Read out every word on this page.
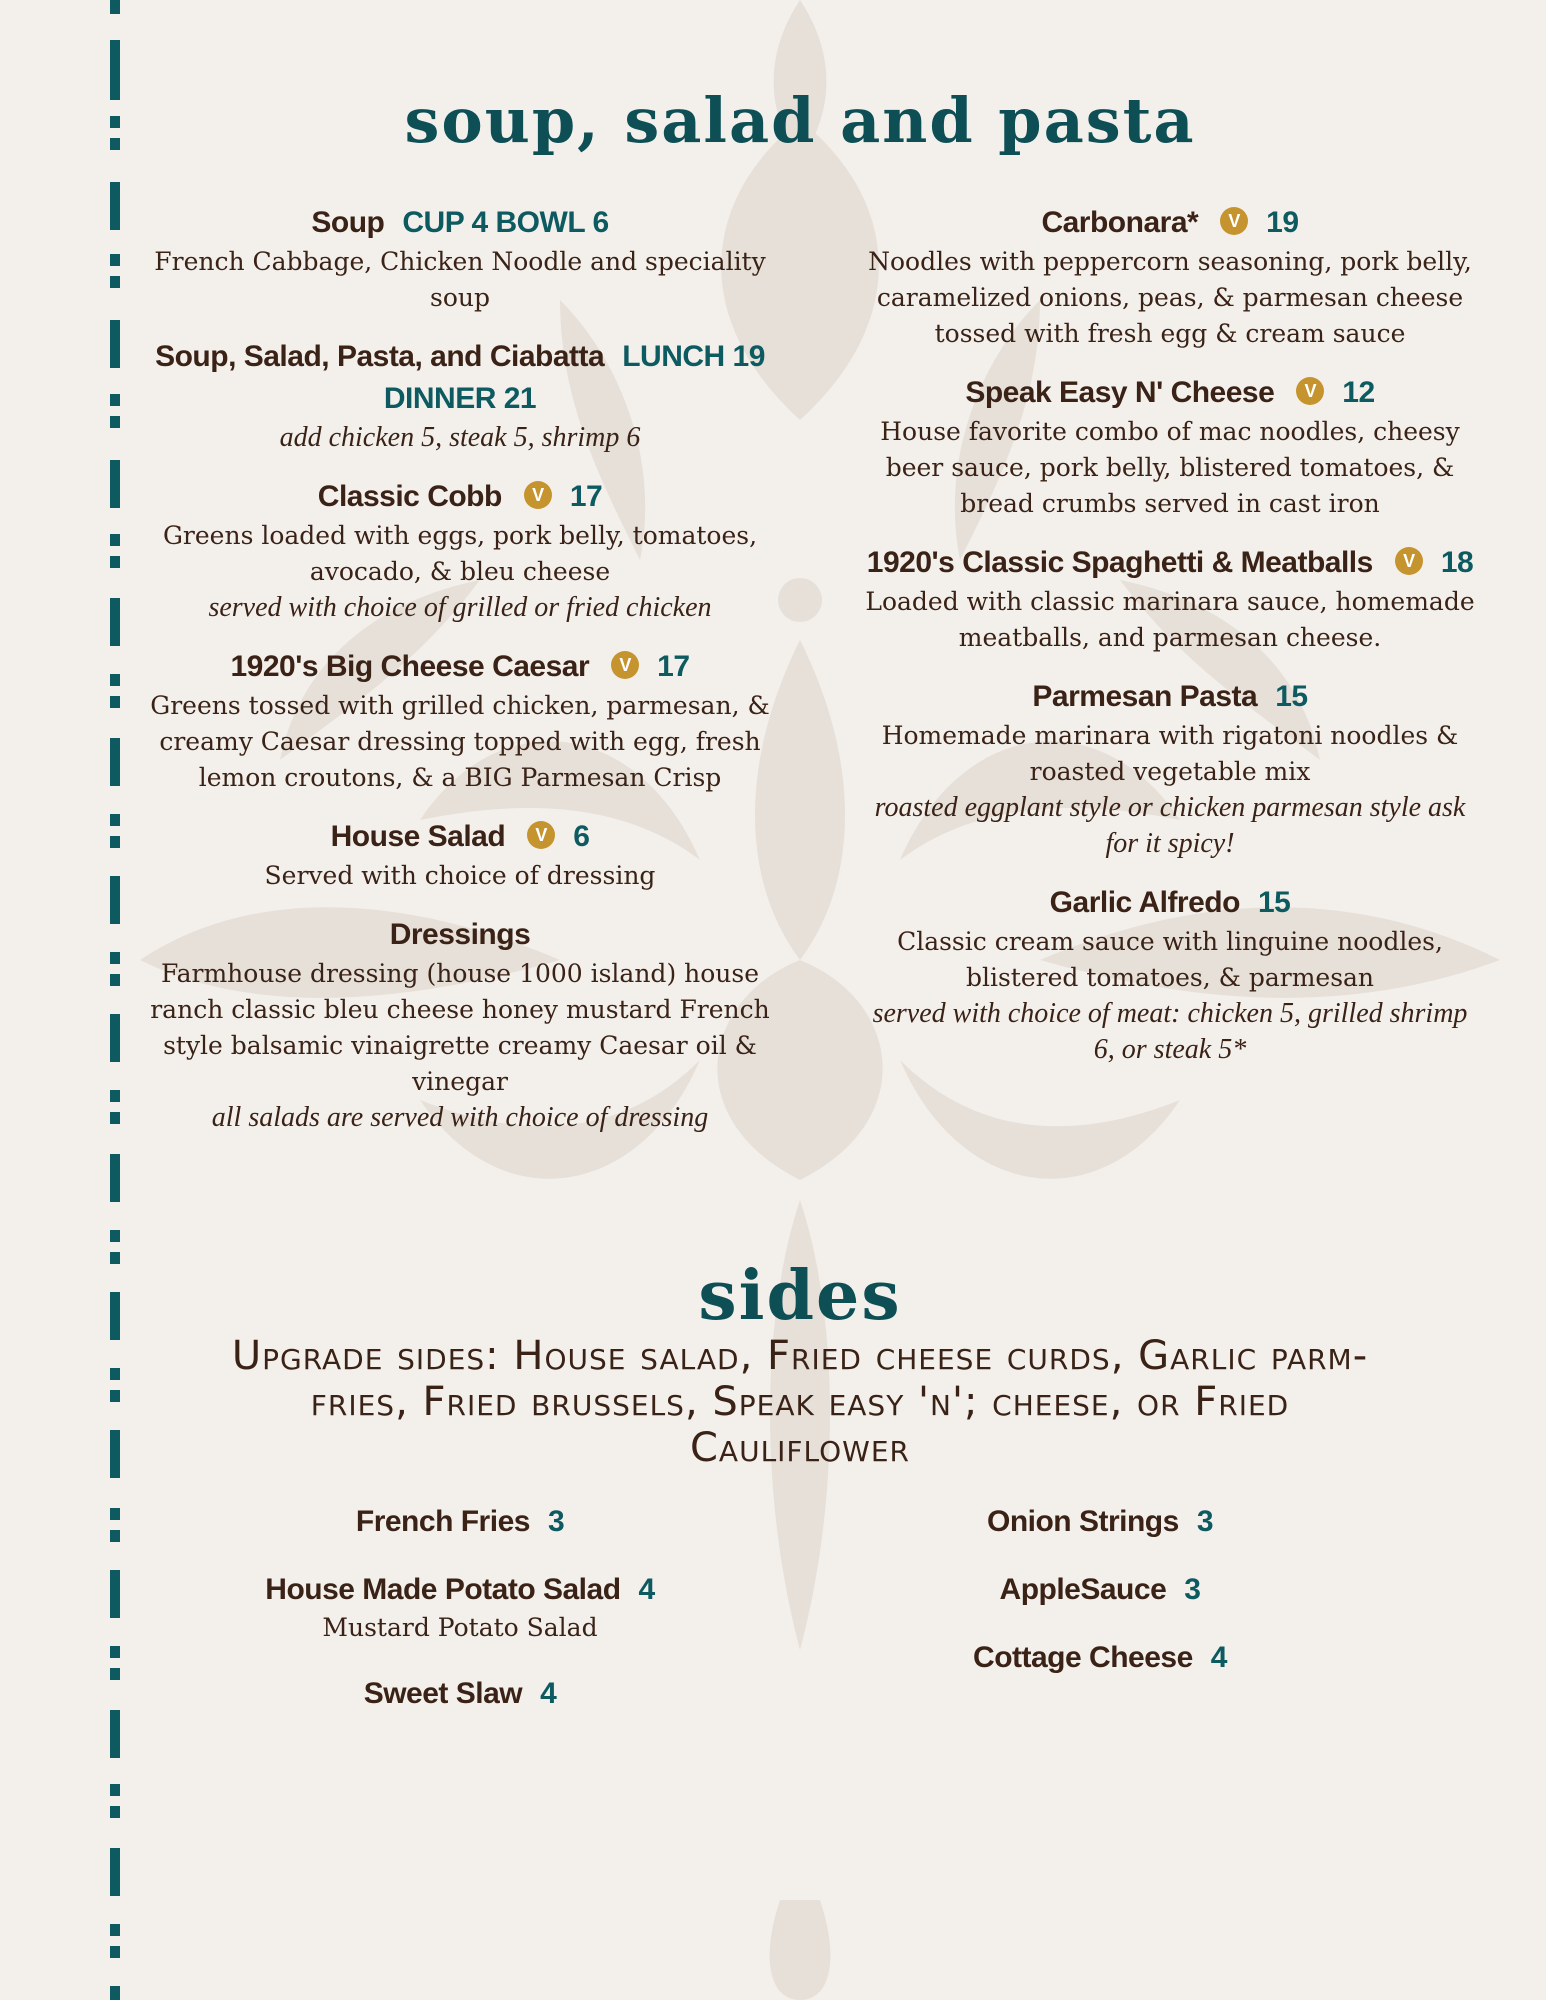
soup, salad and pasta

Soup CUP 4 BOWL 6

French Cabbage, Chicken Noodle and speciality soup

Soup, Salad, Pasta, and Ciabatta LUNCH 19 DINNER 21

add chicken 5, steak 5, shrimp 6

Classic Cobb V 17

Greens loaded with eggs, pork belly, tomatoes, avocado, & bleu cheese

served with choice of grilled or fried chicken

1920's Big Cheese Caesar V 17

Greens tossed with grilled chicken, parmesan, & creamy Caesar dressing topped with egg, fresh lemon croutons, & a BIG Parmesan Crisp

House Salad V 6

Served with choice of dressing

Dressings

Farmhouse dressing (house 1000 island) house ranch classic bleu cheese honey mustard French style balsamic vinaigrette creamy Caesar oil & vinegar

all salads are served with choice of dressing

Carbonara* V 19

Noodles with peppercorn seasoning, pork belly, caramelized onions, peas, & parmesan cheese tossed with fresh egg & cream sauce

Speak Easy N' Cheese V 12

House favorite combo of mac noodles, cheesy beer sauce, pork belly, blistered tomatoes, & bread crumbs served in cast iron

1920's Classic Spaghetti & Meatballs V 18

Loaded with classic marinara sauce, homemade meatballs, and parmesan cheese.

Parmesan Pasta 15

Homemade marinara with rigatoni noodles & roasted vegetable mix

roasted eggplant style or chicken parmesan style ask for it spicy!

Garlic Alfredo 15

Classic cream sauce with linguine noodles, blistered tomatoes, & parmesan

served with choice of meat: chicken 5, grilled shrimp 6, or steak 5*

sides

Upgrade sides: House salad, Fried cheese curds, Garlic parm-fries, Fried brussels, Speak easy 'n'; cheese, or Fried Cauliflower

French Fries 3

House Made Potato Salad 4

Mustard Potato Salad

Sweet Slaw 4

Onion Strings 3

AppleSauce 3

Cottage Cheese 4
